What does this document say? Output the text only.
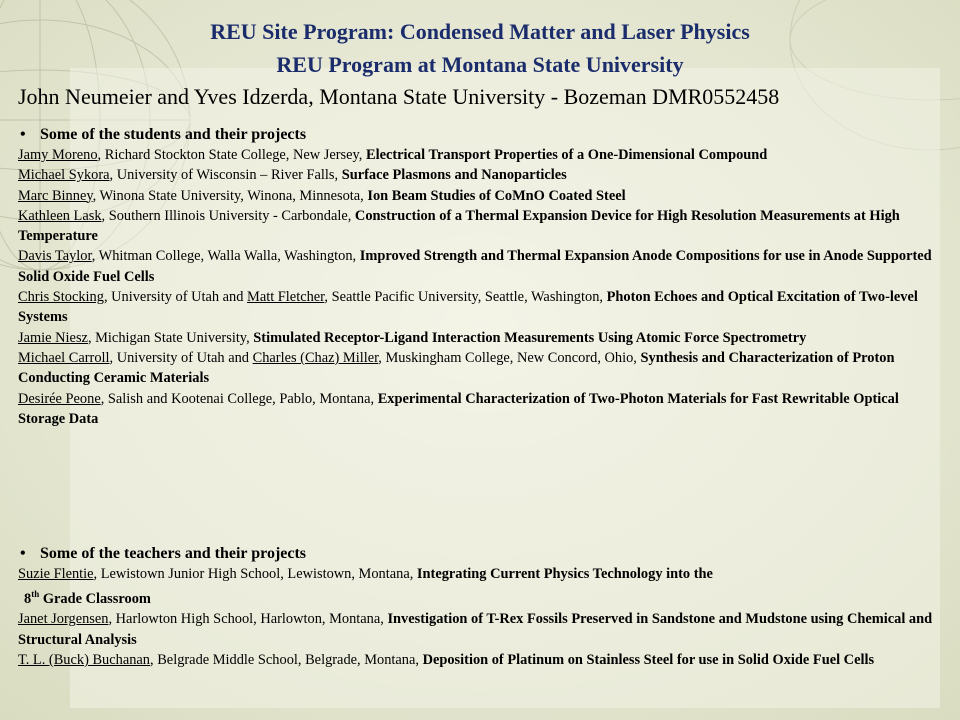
REU Site Program: Condensed Matter and Laser Physics
REU Program at Montana State University

John Neumeier and Yves Idzerda, Montana State University - Bozeman DMR0552458

• Some of the students and their projects

Jamy Moreno, Richard Stockton State College, New Jersey, Electrical Transport Properties of a One-Dimensional Compound

Michael Sykora, University of Wisconsin – River Falls, Surface Plasmons and Nanoparticles

Marc Binney, Winona State University, Winona, Minnesota, Ion Beam Studies of CoMnO Coated Steel

Kathleen Lask, Southern Illinois University - Carbondale, Construction of a Thermal Expansion Device for High Resolution Measurements at High Temperature

Davis Taylor, Whitman College, Walla Walla, Washington, Improved Strength and Thermal Expansion Anode Compositions for use in Anode Supported Solid Oxide Fuel Cells

Chris Stocking, University of Utah and Matt Fletcher, Seattle Pacific University, Seattle, Washington, Photon Echoes and Optical Excitation of Two-level Systems

Jamie Niesz, Michigan State University, Stimulated Receptor-Ligand Interaction Measurements Using Atomic Force Spectrometry

Michael Carroll, University of Utah and Charles (Chaz) Miller, Muskingham College, New Concord, Ohio, Synthesis and Characterization of Proton Conducting Ceramic Materials

Desirée Peone, Salish and Kootenai College, Pablo, Montana, Experimental Characterization of Two-Photon Materials for Fast Rewritable Optical Storage Data

• Some of the teachers and their projects

Suzie Flentie, Lewistown Junior High School, Lewistown, Montana, Integrating Current Physics Technology into the
8th Grade Classroom

Janet Jorgensen, Harlowton High School, Harlowton, Montana, Investigation of T-Rex Fossils Preserved in Sandstone and Mudstone using Chemical and Structural Analysis

T. L. (Buck) Buchanan, Belgrade Middle School, Belgrade, Montana, Deposition of Platinum on Stainless Steel for use in Solid Oxide Fuel Cells
